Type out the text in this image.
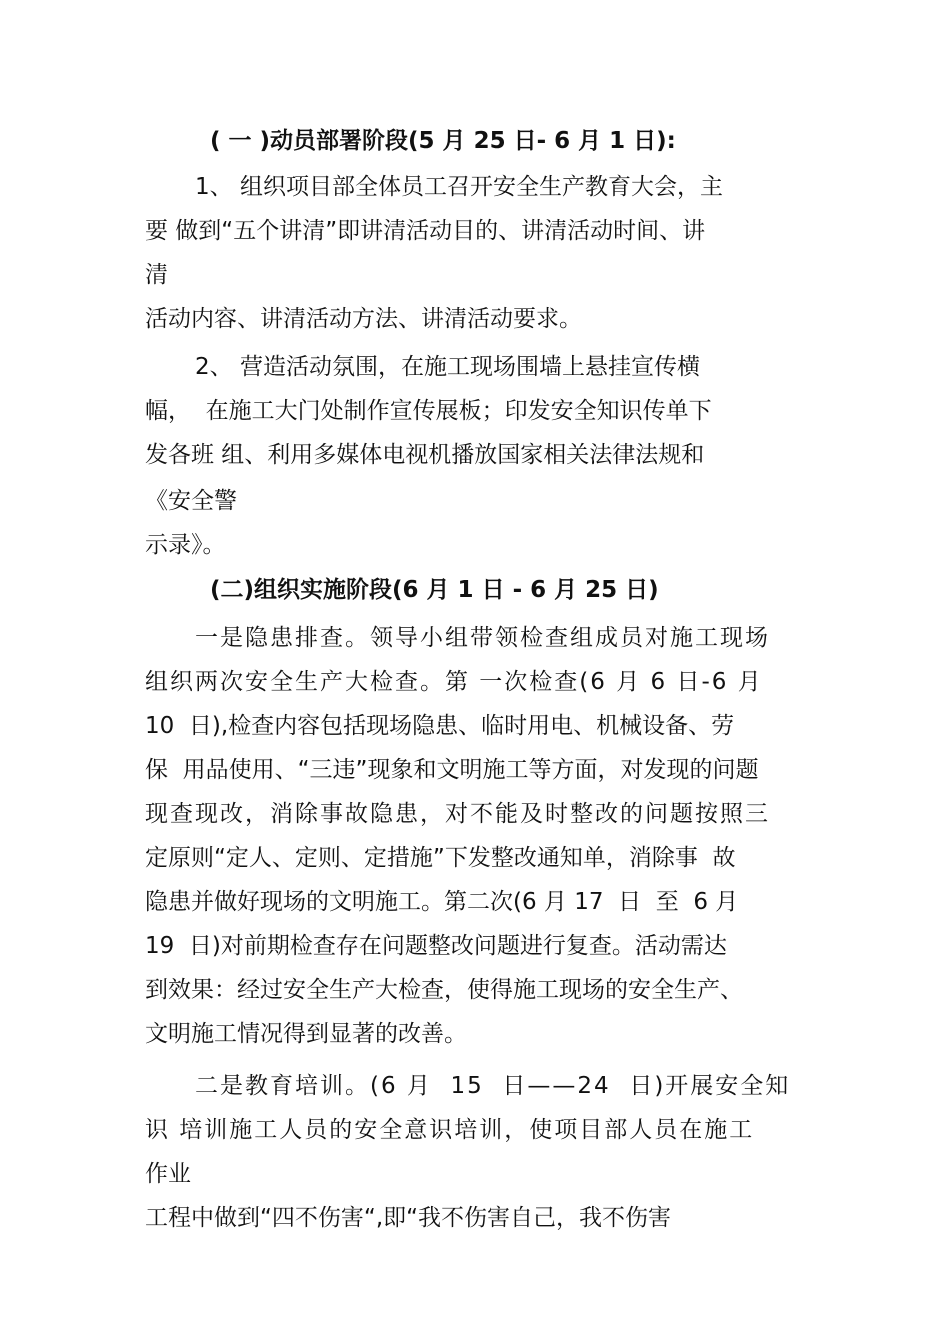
( 一 )动员部署阶段(5 月 25 日- 6 月 1 日):
1、 组织项目部全体员工召开安全生产教育大会，主
要 做到“五个讲清”即讲清活动目的、讲清活动时间、讲
清
活动内容、讲清活动方法、讲清活动要求。
2、 营造活动氛围，在施工现场围墙上悬挂宣传横
幅，  在施工大门处制作宣传展板；印发安全知识传单下
发各班 组、利用多媒体电视机播放国家相关法律法规和
《安全警
示录》。
(二)组织实施阶段(6 月 1 日 - 6 月 25 日)
一是隐患排查。领导小组带领检查组成员对施工现场
组织两次安全生产大检查。第 一次检查(6 月 6 日-6 月
10  日),检查内容包括现场隐患、临时用电、机械设备、劳
保  用品使用、“三违”现象和文明施工等方面，对发现的问题
现查现改，消除事故隐患，对不能及时整改的问题按照三
定原则“定人、定则、定措施”下发整改通知单，消除事  故
隐患并做好现场的文明施工。第二次(6 月 17  日  至  6 月
19  日)对前期检查存在问题整改问题进行复查。活动需达
到效果：经过安全生产大检查，使得施工现场的安全生产、
文明施工情况得到显著的改善。
二是教育培训。(6 月  15  日——24  日)开展安全知
识 培训施工人员的安全意识培训，使项目部人员在施工
作业
工程中做到“四不伤害“,即“我不伤害自己，我不伤害
